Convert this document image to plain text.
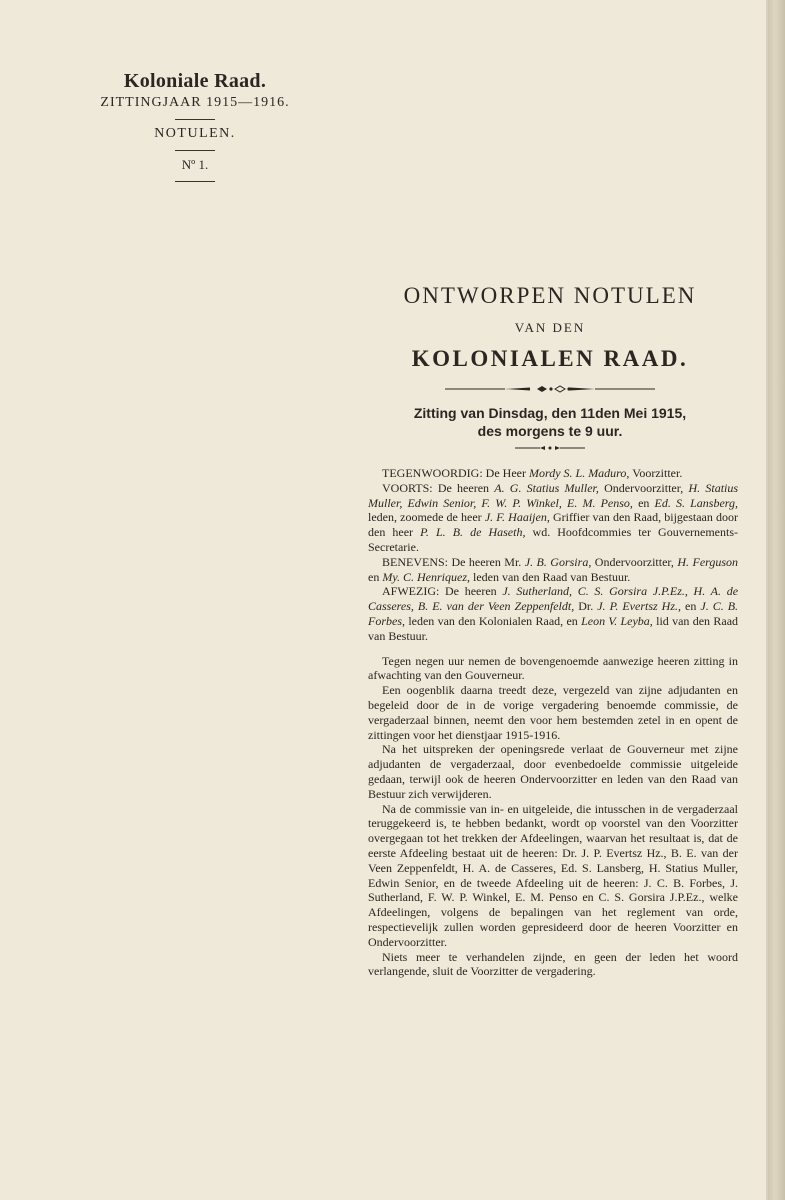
Koloniale Raad.
ZITTINGJAAR 1915—1916.
NOTULEN.
Nº 1.
ONTWORPEN NOTULEN
VAN DEN
KOLONIALEN RAAD.
Zitting van Dinsdag, den 11den Mei 1915,
des morgens te 9 uur.

TEGENWOORDIG: De Heer Mordy S. L. Maduro, Voorzitter.

VOORTS: De heeren A. G. Statius Muller, Ondervoorzitter, H. Statius Muller, Edwin Senior, F. W. P. Winkel, E. M. Penso, en Ed. S. Lansberg, leden, zoomede de heer J. F. Haaijen, Griffier van den Raad, bijgestaan door den heer P. L. B. de Haseth, wd. Hoofdcommies ter Gouvernements-Secretarie.

BENEVENS: De heeren Mr. J. B. Gorsira, Ondervoorzitter, H. Ferguson en My. C. Henriquez, leden van den Raad van Bestuur.

AFWEZIG: De heeren J. Sutherland, C. S. Gorsira J.P.Ez., H. A. de Casseres, B. E. van der Veen Zeppenfeldt, Dr. J. P. Evertsz Hz., en J. C. B. Forbes, leden van den Kolonialen Raad, en Leon V. Leyba, lid van den Raad van Bestuur.

Tegen negen uur nemen de bovengenoemde aanwezige heeren zitting in afwachting van den Gouverneur.

Een oogenblik daarna treedt deze, vergezeld van zijne adjudanten en begeleid door de in de vorige vergadering benoemde commissie, de vergaderzaal binnen, neemt den voor hem bestemden zetel in en opent de zittingen voor het dienstjaar 1915-1916.

Na het uitspreken der openingsrede verlaat de Gouverneur met zijne adjudanten de vergaderzaal, door evenbedoelde commissie uitgeleide gedaan, terwijl ook de heeren Ondervoorzitter en leden van den Raad van Bestuur zich verwijderen.

Na de commissie van in- en uitgeleide, die intusschen in de vergaderzaal teruggekeerd is, te hebben bedankt, wordt op voorstel van den Voorzitter overgegaan tot het trekken der Afdeelingen, waarvan het resultaat is, dat de eerste Afdeeling bestaat uit de heeren: Dr. J. P. Evertsz Hz., B. E. van der Veen Zeppenfeldt, H. A. de Casseres, Ed. S. Lansberg, H. Statius Muller, Edwin Senior, en de tweede Afdeeling uit de heeren: J. C. B. Forbes, J. Sutherland, F. W. P. Winkel, E. M. Penso en C. S. Gorsira J.P.Ez., welke Afdeelingen, volgens de bepalingen van het reglement van orde, respectievelijk zullen worden gepresideerd door de heeren Voorzitter en Ondervoorzitter.

Niets meer te verhandelen zijnde, en geen der leden het woord verlangende, sluit de Voorzitter de vergadering.
